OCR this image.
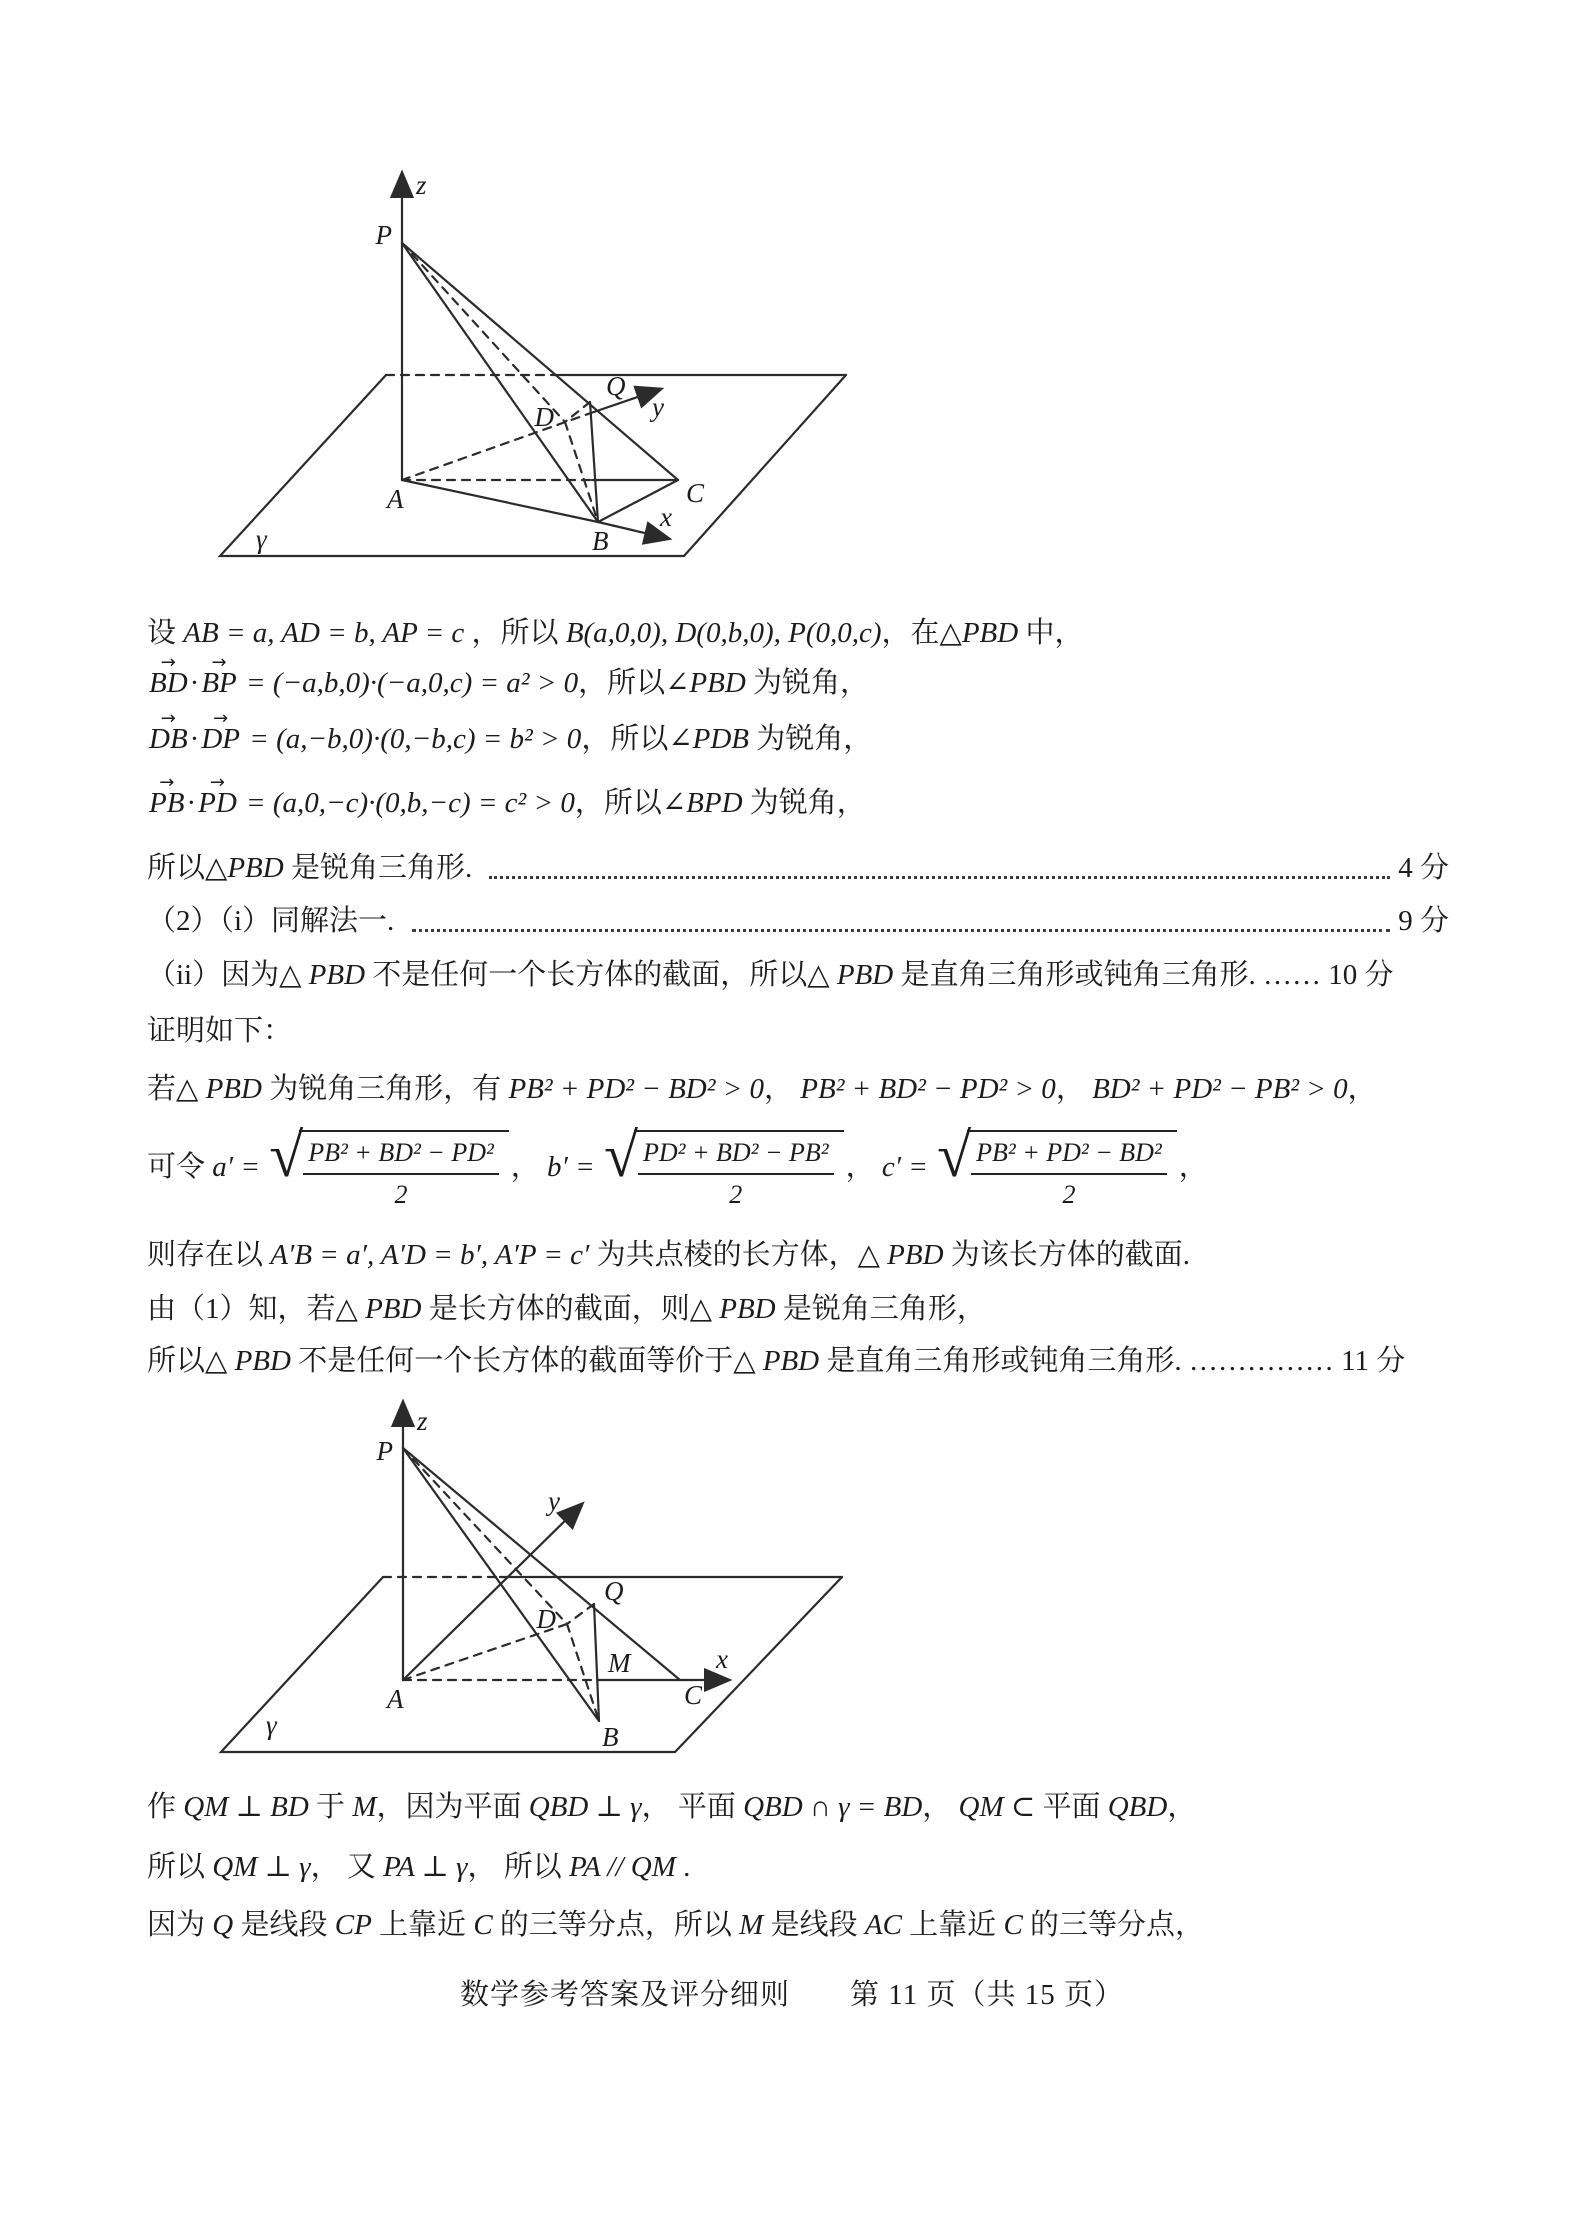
z
P
Q
D	y
A
B
C
x
γ
设 AB = a, AD = b, AP = c ，所以 B(a,0,0), D(0,b,0), P(0,0,c)，在△PBD 中，
→
BD·
→
BP = (−a,b,0)·(−a,0,c) = a² > 0，所以∠PBD 为锐角，
→
DB·
→
DP = (a,−b,0)·(0,−b,c) = b² > 0，所以∠PDB 为锐角，
→
PB·
→
PD = (a,0,−c)·(0,b,−c) = c² > 0，所以∠BPD 为锐角，
所以△ PBD 是锐角三角形.	4 分
（2）（i）同解法一.	9 分
（ii）因为△ PBD 不是任何一个长方体的截面，所以△ PBD 是直角三角形或钝角三角形. …… 10 分
证明如下：
若△ PBD 为锐角三角形，有 PB² + PD² − BD² > 0， PB² + BD² − PD² > 0， BD² + PD² − PB² > 0，
可令 a′ = √
$\frac{\text{PB² + BD² − PD²}}{2}$ ， b′ = √
$\frac{\text{PD² + BD² − PB²}}{2}$ ， c′ = √
$\frac{\text{PB² + PD² − BD²}}{2}$ ，
则存在以 A′B = a′, A′D = b′, A′P = c′ 为共点棱的长方体，△ PBD 为该长方体的截面.
由（1）知，若△ PBD 是长方体的截面，则△ PBD 是锐角三角形，
所以△ PBD 不是任何一个长方体的截面等价于△ PBD 是直角三角形或钝角三角形. …………… 11 分
作 QM ⊥ BD 于 M，因为平面 QBD ⊥ γ， 平面 QBD ∩ γ = BD， QM ⊂ 平面 QBD，
所以 QM ⊥ γ， 又 PA ⊥ γ， 所以 PA // QM .
因为 Q 是线段 CP 上靠近 C 的三等分点，所以 M 是线段 AC 上靠近 C 的三等分点，
z
P
y
Q
D
M
A
B
C
x
γ
数学参考答案及评分细则　　第 11 页（共 15 页）
